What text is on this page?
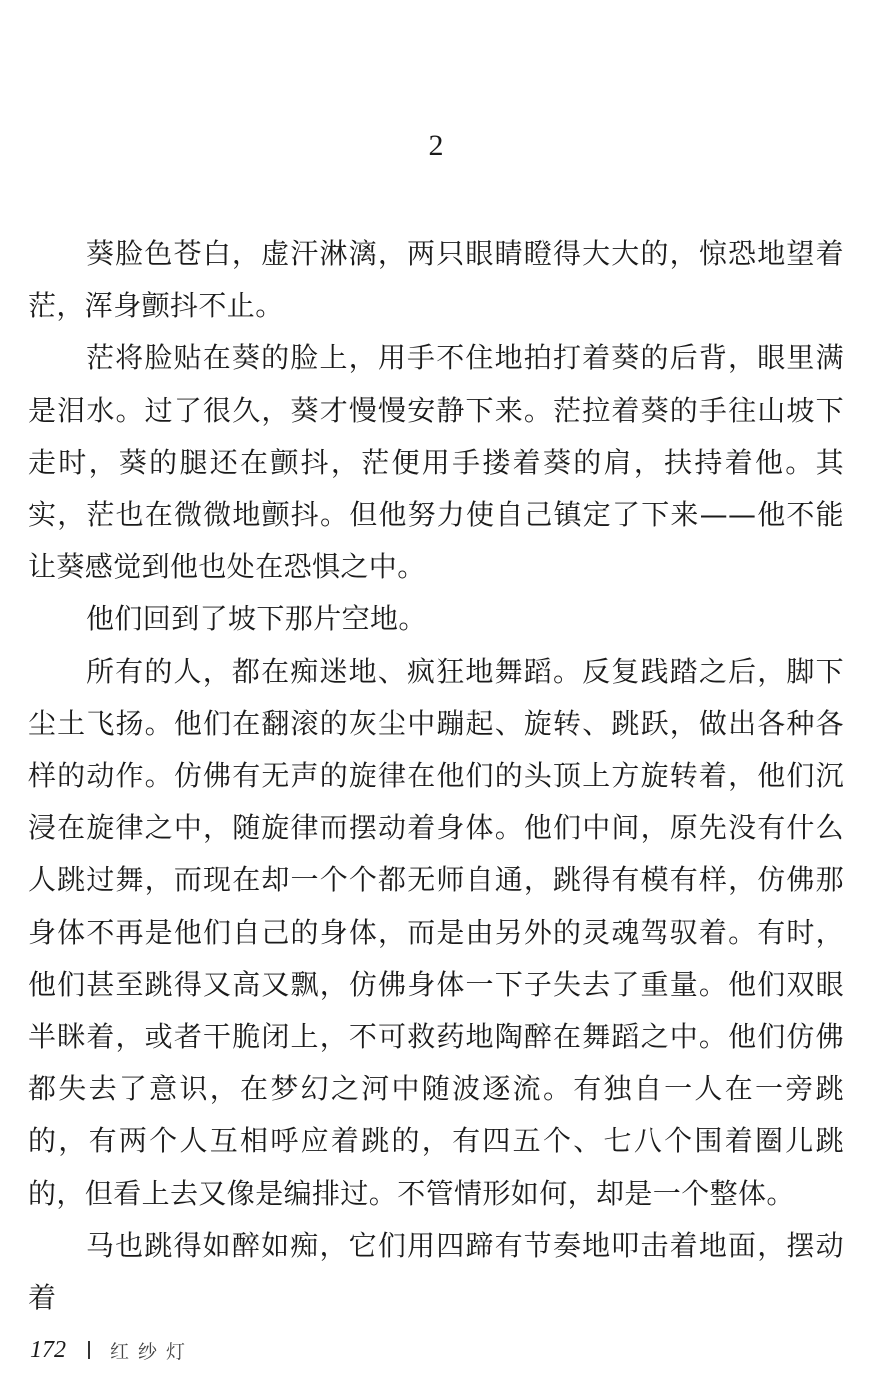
2

葵脸色苍白，虚汗淋漓，两只眼睛瞪得大大的，惊恐地望着茫，浑身颤抖不止。

茫将脸贴在葵的脸上，用手不住地拍打着葵的后背，眼里满是泪水。过了很久，葵才慢慢安静下来。茫拉着葵的手往山坡下走时，葵的腿还在颤抖，茫便用手搂着葵的肩，扶持着他。其实，茫也在微微地颤抖。但他努力使自己镇定了下来——他不能让葵感觉到他也处在恐惧之中。

他们回到了坡下那片空地。

所有的人，都在痴迷地、疯狂地舞蹈。反复践踏之后，脚下尘土飞扬。他们在翻滚的灰尘中蹦起、旋转、跳跃，做出各种各样的动作。仿佛有无声的旋律在他们的头顶上方旋转着，他们沉浸在旋律之中，随旋律而摆动着身体。他们中间，原先没有什么人跳过舞，而现在却一个个都无师自通，跳得有模有样，仿佛那身体不再是他们自己的身体，而是由另外的灵魂驾驭着。有时，他们甚至跳得又高又飘，仿佛身体一下子失去了重量。他们双眼半眯着，或者干脆闭上，不可救药地陶醉在舞蹈之中。他们仿佛都失去了意识，在梦幻之河中随波逐流。有独自一人在一旁跳的，有两个人互相呼应着跳的，有四五个、七八个围着圈儿跳的，但看上去又像是编排过。不管情形如何，却是一个整体。

马也跳得如醉如痴，它们用四蹄有节奏地叩击着地面，摆动着

172 红纱灯
